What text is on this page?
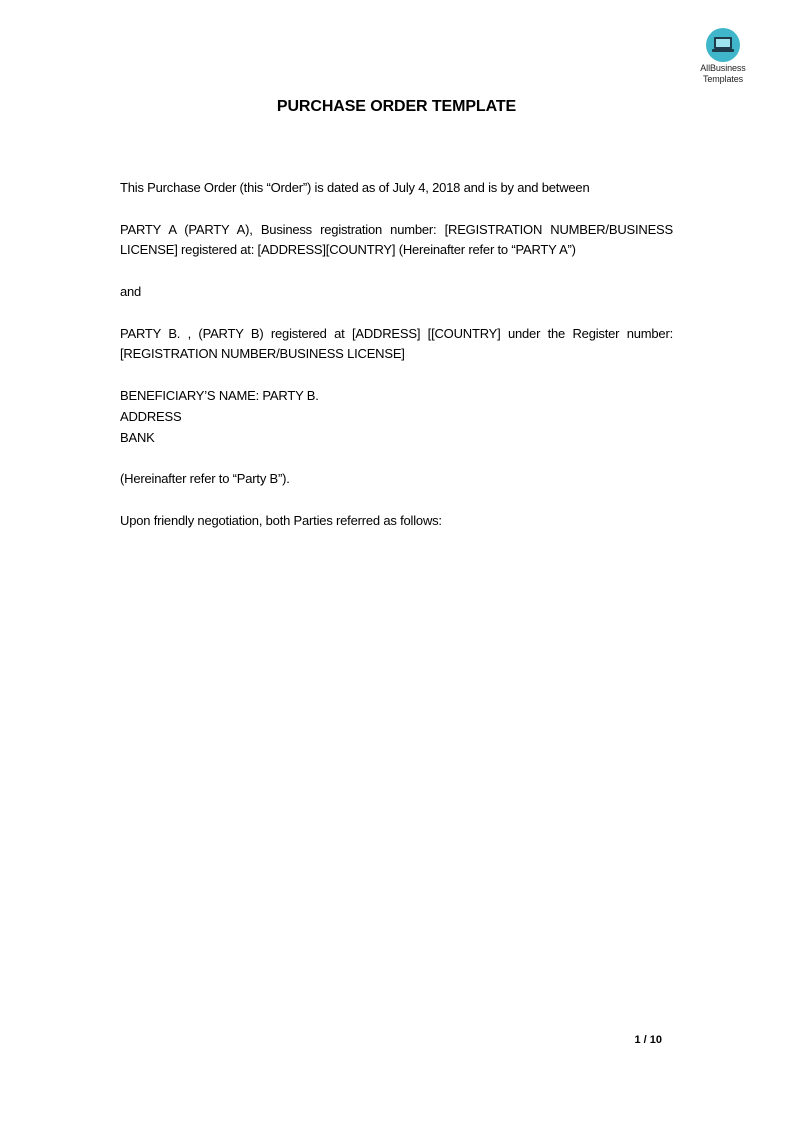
AllBusiness
Templates
PURCHASE ORDER TEMPLATE

This Purchase Order (this “Order”) is dated as of July 4, 2018 and is by and between

PARTY A (PARTY A), Business registration number: [REGISTRATION NUMBER/BUSINESS LICENSE] registered at: [ADDRESS][COUNTRY] (Hereinafter refer to “PARTY A”)

and

PARTY B. , (PARTY B) registered at [ADDRESS] [[COUNTRY] under the Register number: [REGISTRATION NUMBER/BUSINESS LICENSE]

BENEFICIARY’S NAME: PARTY B.
ADDRESS
BANK

(Hereinafter refer to “Party B”).

Upon friendly negotiation, both Parties referred as follows:

1 / 10
